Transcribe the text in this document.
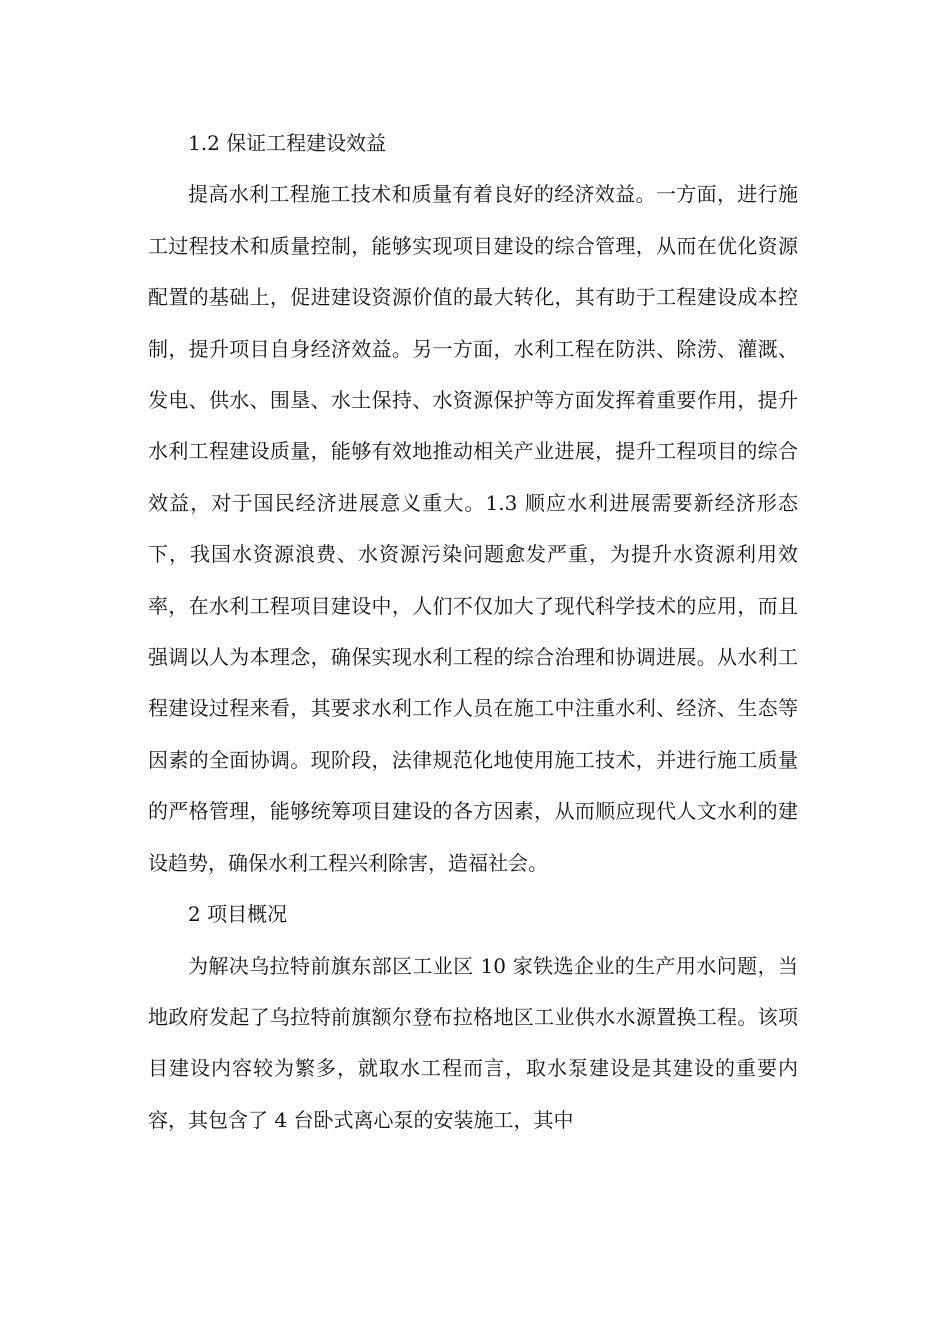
1.2 保证工程建设效益

提高水利工程施工技术和质量有着良好的经济效益。一方面，进行施工过程技术和质量控制，能够实现项目建设的综合管理，从而在优化资源配置的基础上，促进建设资源价值的最大转化，其有助于工程建设成本控制，提升项目自身经济效益。另一方面，水利工程在防洪、除涝、灌溉、发电、供水、围垦、水土保持、水资源保护等方面发挥着重要作用，提升水利工程建设质量，能够有效地推动相关产业进展，提升工程项目的综合效益，对于国民经济进展意义重大。1.3 顺应水利进展需要新经济形态下，我国水资源浪费、水资源污染问题愈发严重，为提升水资源利用效率，在水利工程项目建设中，人们不仅加大了现代科学技术的应用，而且强调以人为本理念，确保实现水利工程的综合治理和协调进展。从水利工程建设过程来看，其要求水利工作人员在施工中注重水利、经济、生态等因素的全面协调。现阶段，法律规范化地使用施工技术，并进行施工质量的严格管理，能够统筹项目建设的各方因素，从而顺应现代人文水利的建设趋势，确保水利工程兴利除害，造福社会。

2 项目概况

为解决乌拉特前旗东部区工业区 10 家铁选企业的生产用水问题，当地政府发起了乌拉特前旗额尔登布拉格地区工业供水水源置换工程。该项目建设内容较为繁多，就取水工程而言，取水泵建设是其建设的重要内容，其包含了 4 台卧式离心泵的安装施工，其中
